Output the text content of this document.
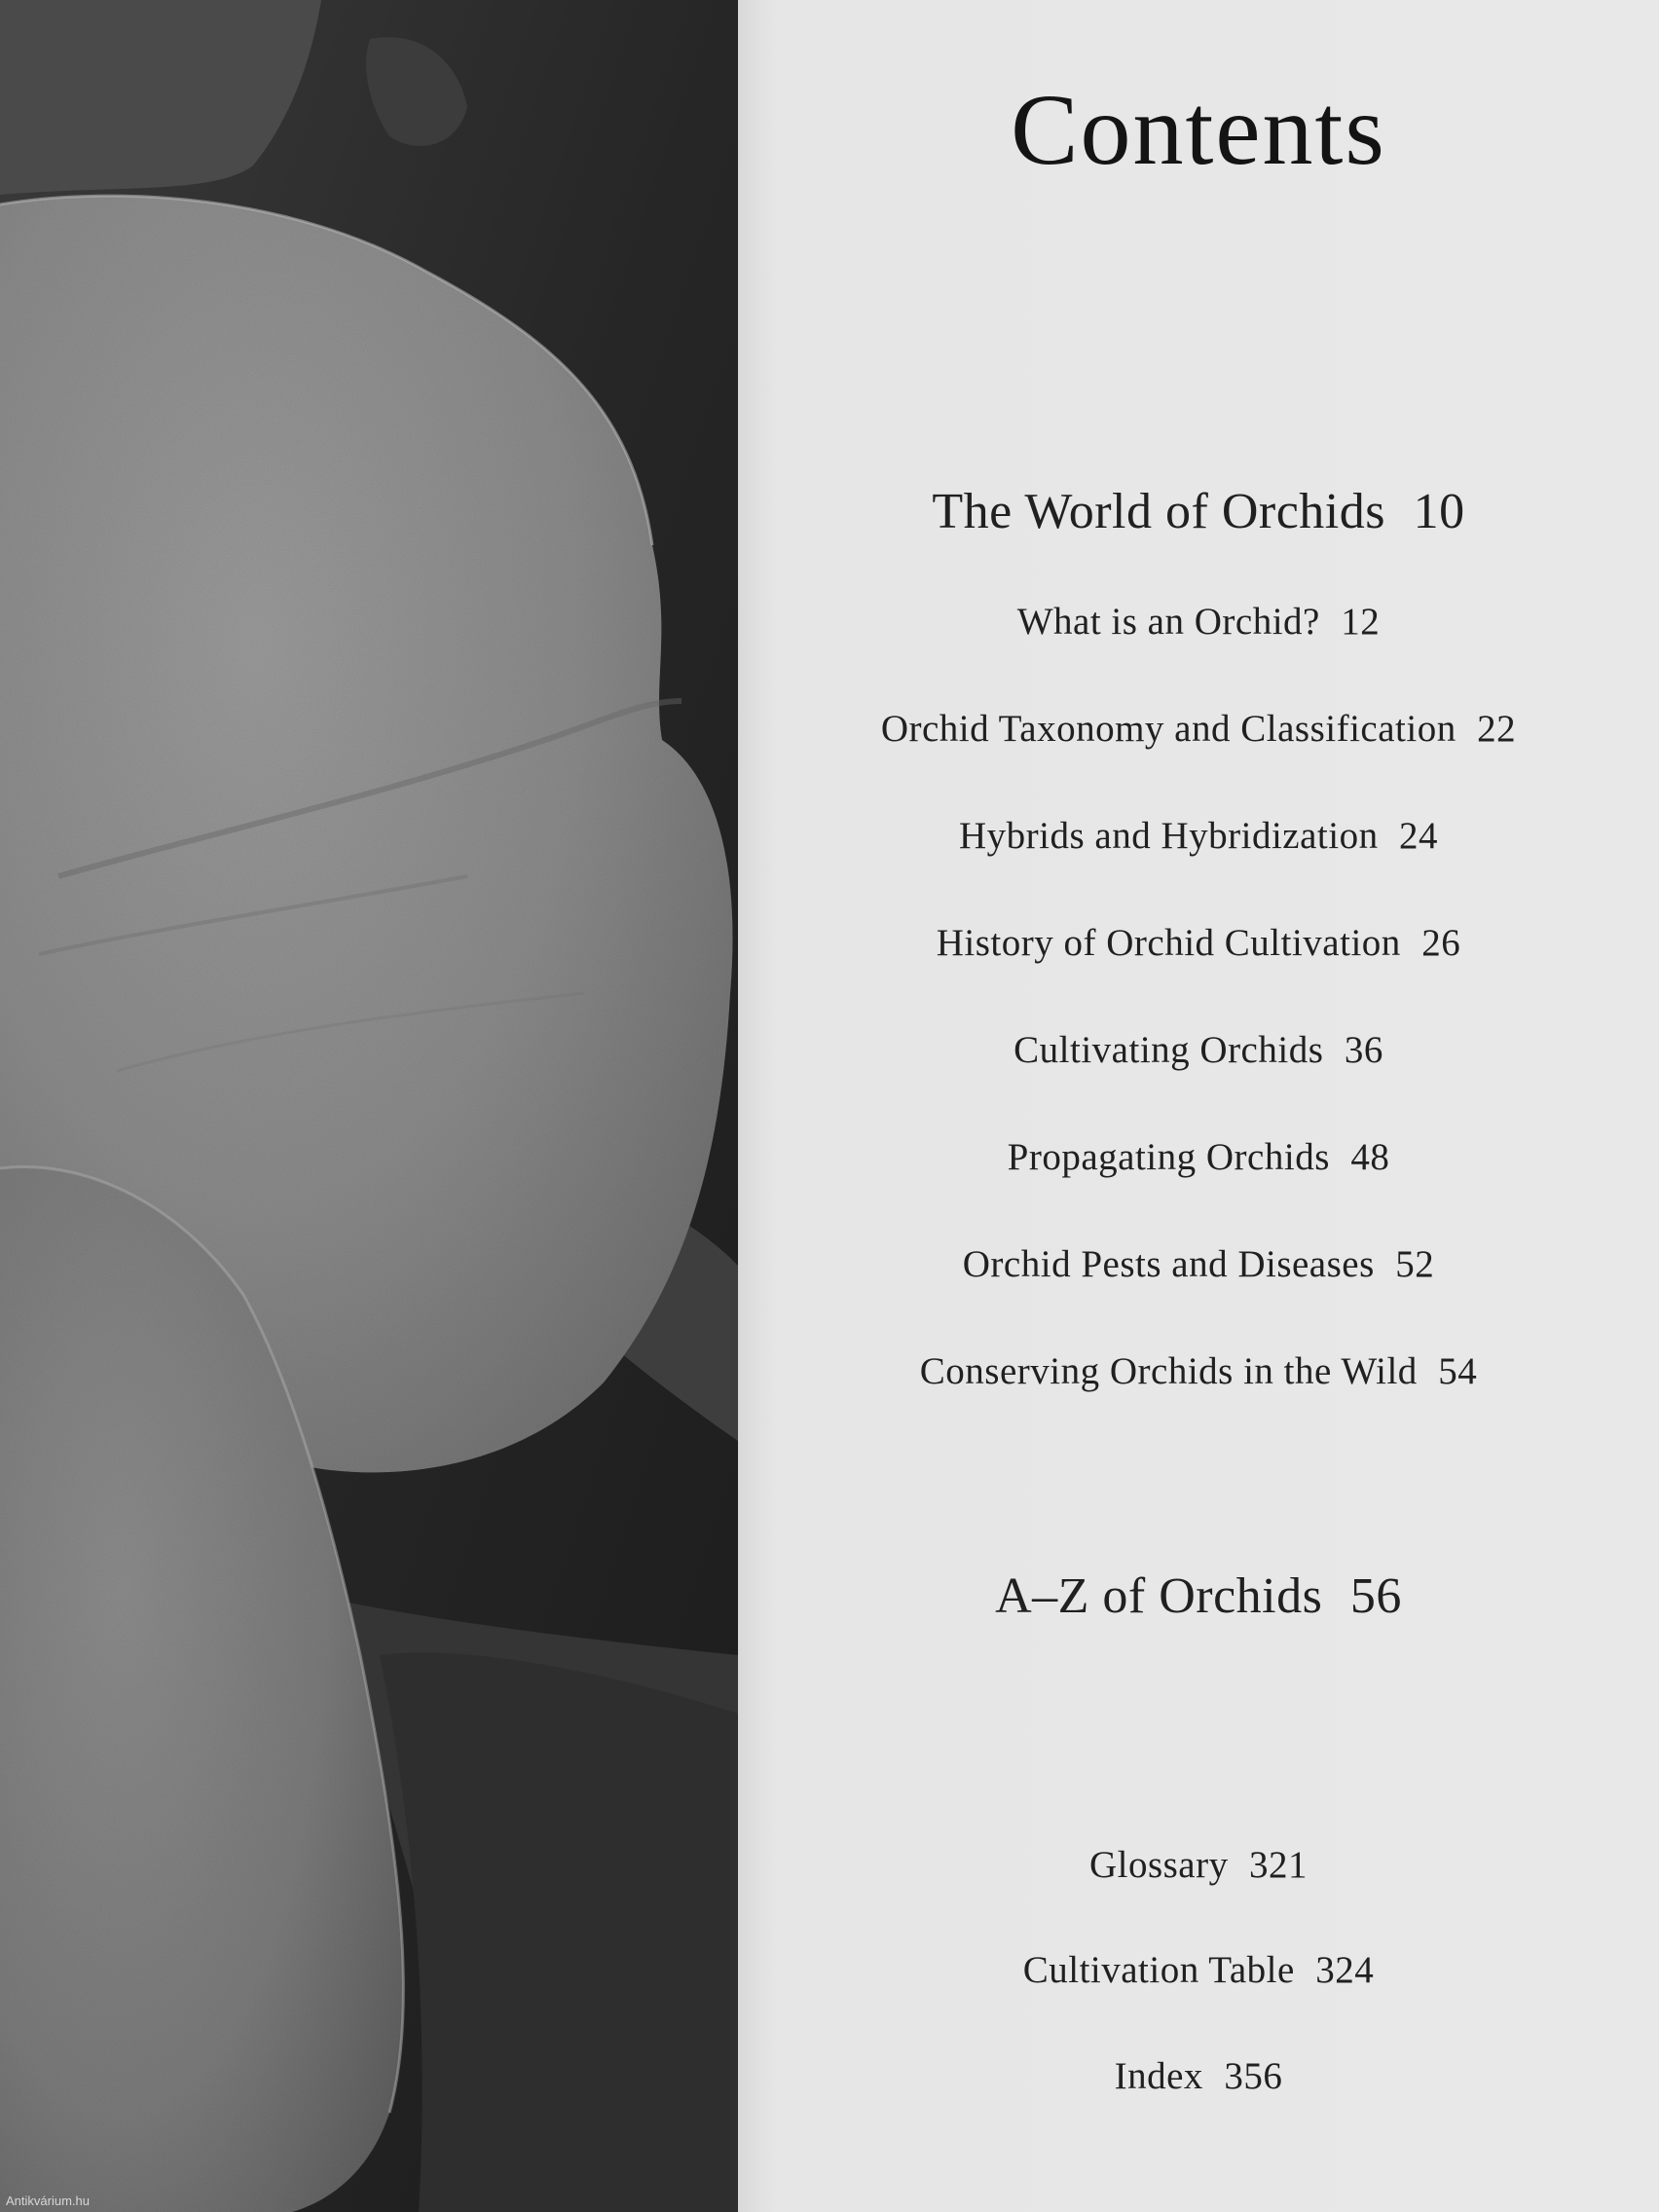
Antikvárium.hu
Contents
The World of Orchids 10
What is an Orchid? 12
Orchid Taxonomy and Classification 22
Hybrids and Hybridization 24
History of Orchid Cultivation 26
Cultivating Orchids 36
Propagating Orchids 48
Orchid Pests and Diseases 52
Conserving Orchids in the Wild 54
A–Z of Orchids 56
Glossary 321
Cultivation Table 324
Index 356
